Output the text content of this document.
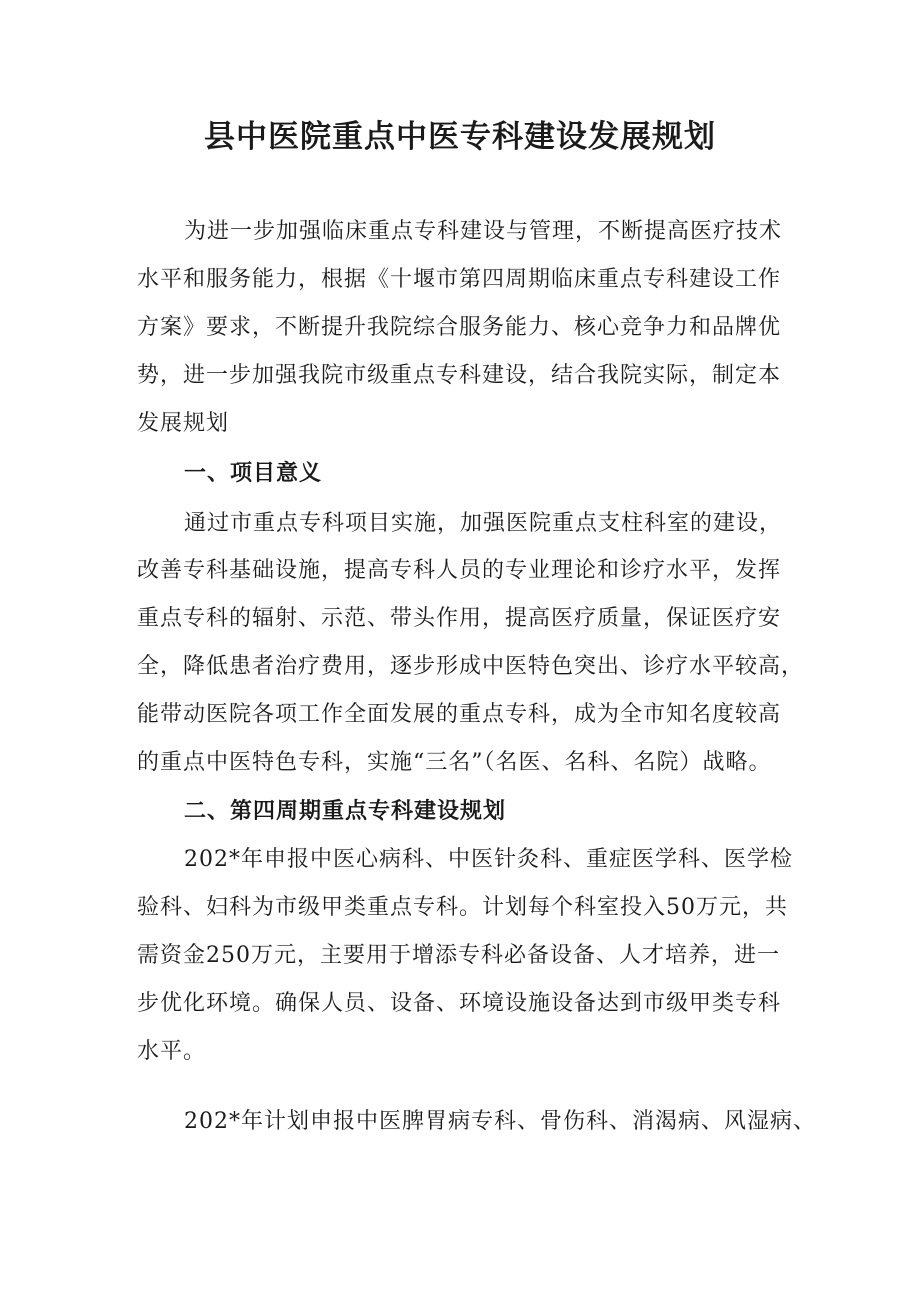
县中医院重点中医专科建设发展规划

为进一步加强临床重点专科建设与管理，不断提高医疗技术

水平和服务能力，根据《十堰市第四周期临床重点专科建设工作

方案》要求，不断提升我院综合服务能力、核心竞争力和品牌优

势，进一步加强我院市级重点专科建设，结合我院实际，制定本

发展规划

一、项目意义

通过市重点专科项目实施，加强医院重点支柱科室的建设，

改善专科基础设施，提高专科人员的专业理论和诊疗水平，发挥

重点专科的辐射、示范、带头作用，提高医疗质量，保证医疗安

全，降低患者治疗费用，逐步形成中医特色突出、诊疗水平较高，

能带动医院各项工作全面发展的重点专科，成为全市知名度较高

的重点中医特色专科，实施“三名”（名医、名科、名院）战略。

二、第四周期重点专科建设规划

202*年申报中医心病科、中医针灸科、重症医学科、医学检

验科、妇科为市级甲类重点专科。计划每个科室投入50万元，共

需资金250万元，主要用于增添专科必备设备、人才培养，进一

步优化环境。确保人员、设备、环境设施设备达到市级甲类专科

水平。

202*年计划申报中医脾胃病专科、骨伤科、消渴病、风湿病、
